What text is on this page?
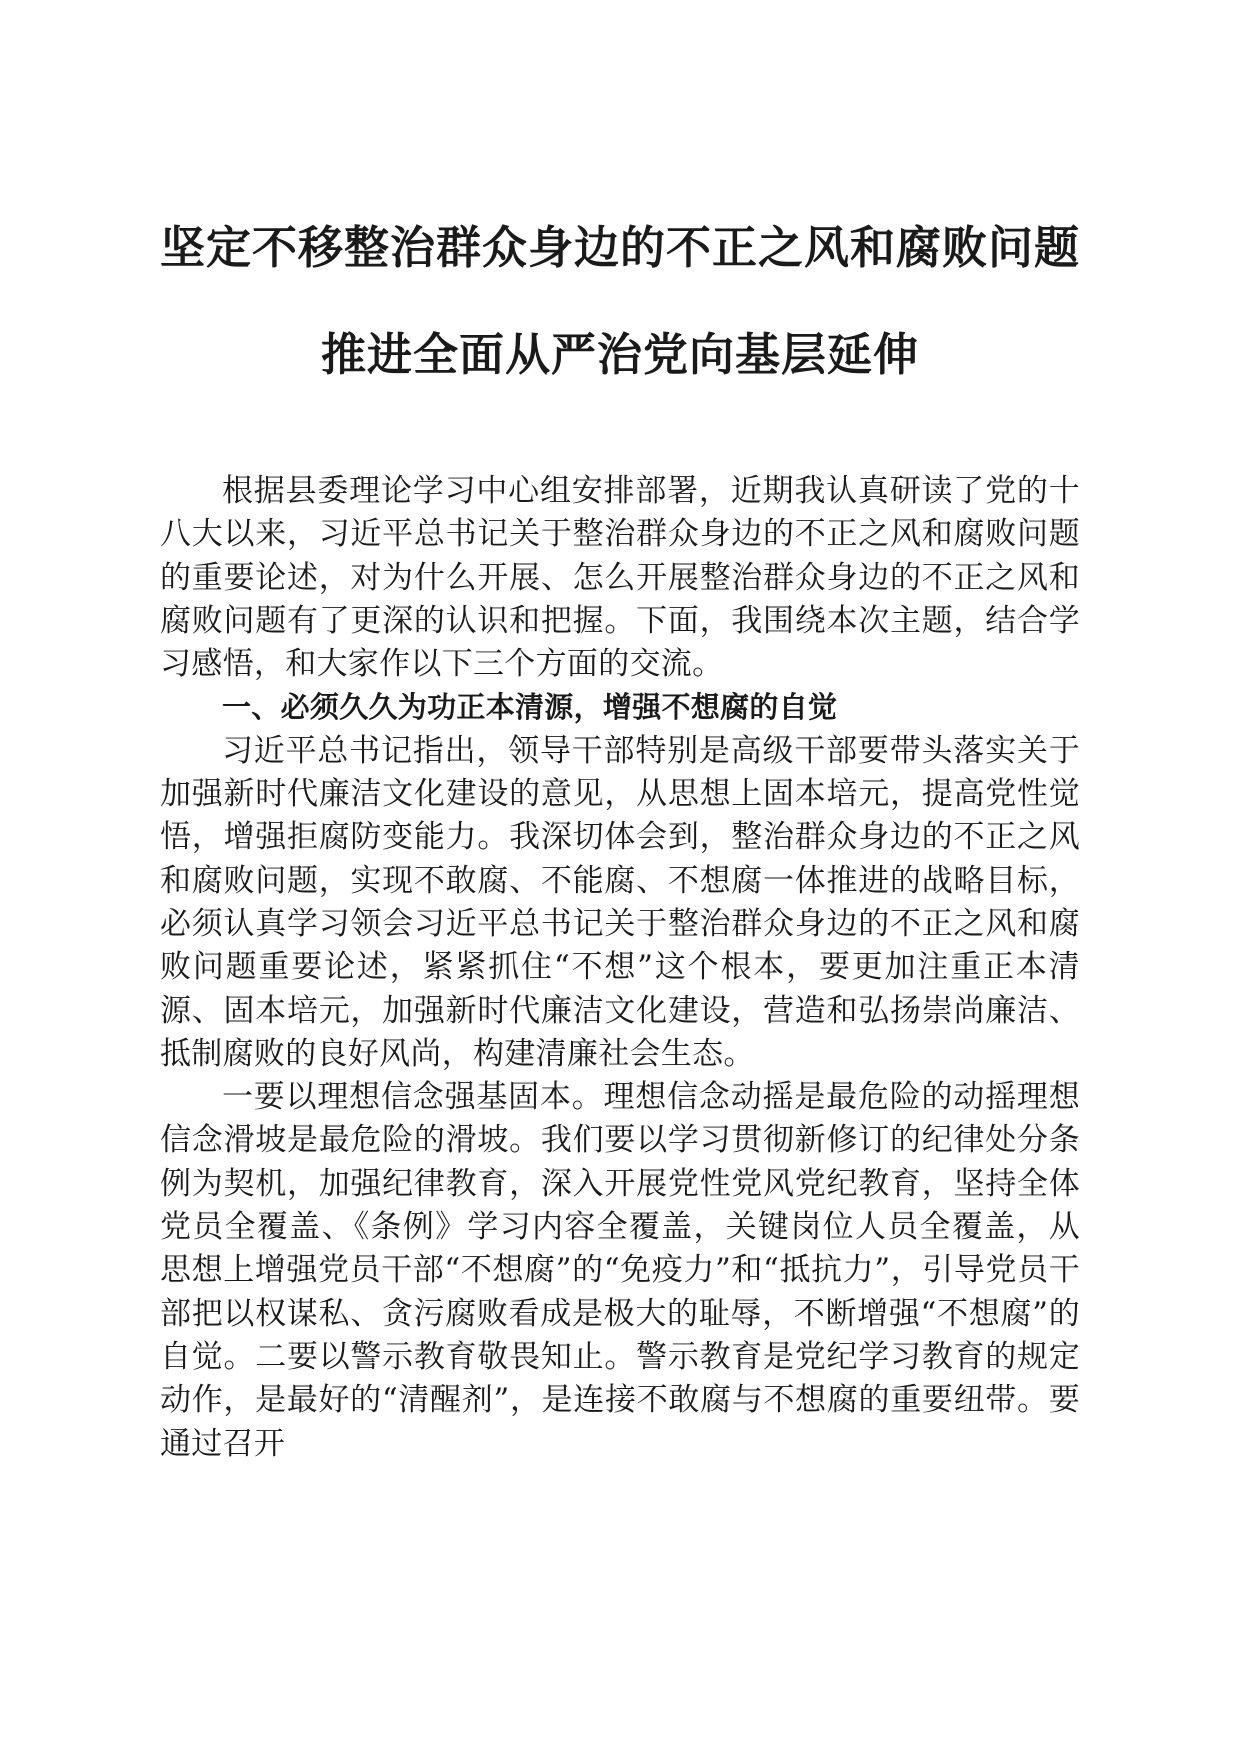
坚定不移整治群众身边的不正之风和腐败问题
推进全面从严治党向基层延伸

根据县委理论学习中心组安排部署，近期我认真研读了党的十八大以来，习近平总书记关于整治群众身边的不正之风和腐败问题的重要论述，对为什么开展、怎么开展整治群众身边的不正之风和腐败问题有了更深的认识和把握。下面，我围绕本次主题，结合学习感悟，和大家作以下三个方面的交流。

一、必须久久为功正本清源，增强不想腐的自觉

习近平总书记指出，领导干部特别是高级干部要带头落实关于加强新时代廉洁文化建设的意见，从思想上固本培元，提高党性觉悟，增强拒腐防变能力。我深切体会到，整治群众身边的不正之风和腐败问题，实现不敢腐、不能腐、不想腐一体推进的战略目标，必须认真学习领会习近平总书记关于整治群众身边的不正之风和腐败问题重要论述，紧紧抓住“不想”这个根本，要更加注重正本清源、固本培元，加强新时代廉洁文化建设，营造和弘扬崇尚廉洁、抵制腐败的良好风尚，构建清廉社会生态。

一要以理想信念强基固本。理想信念动摇是最危险的动摇理想信念滑坡是最危险的滑坡。我们要以学习贯彻新修订的纪律处分条例为契机，加强纪律教育，深入开展党性党风党纪教育，坚持全体党员全覆盖、《条例》学习内容全覆盖，关键岗位人员全覆盖，从思想上增强党员干部“不想腐”的“免疫力”和“抵抗力”，引导党员干部把以权谋私、贪污腐败看成是极大的耻辱，不断增强“不想腐”的自觉。二要以警示教育敬畏知止。警示教育是党纪学习教育的规定动作，是最好的“清醒剂”，是连接不敢腐与不想腐的重要纽带。要通过召开
